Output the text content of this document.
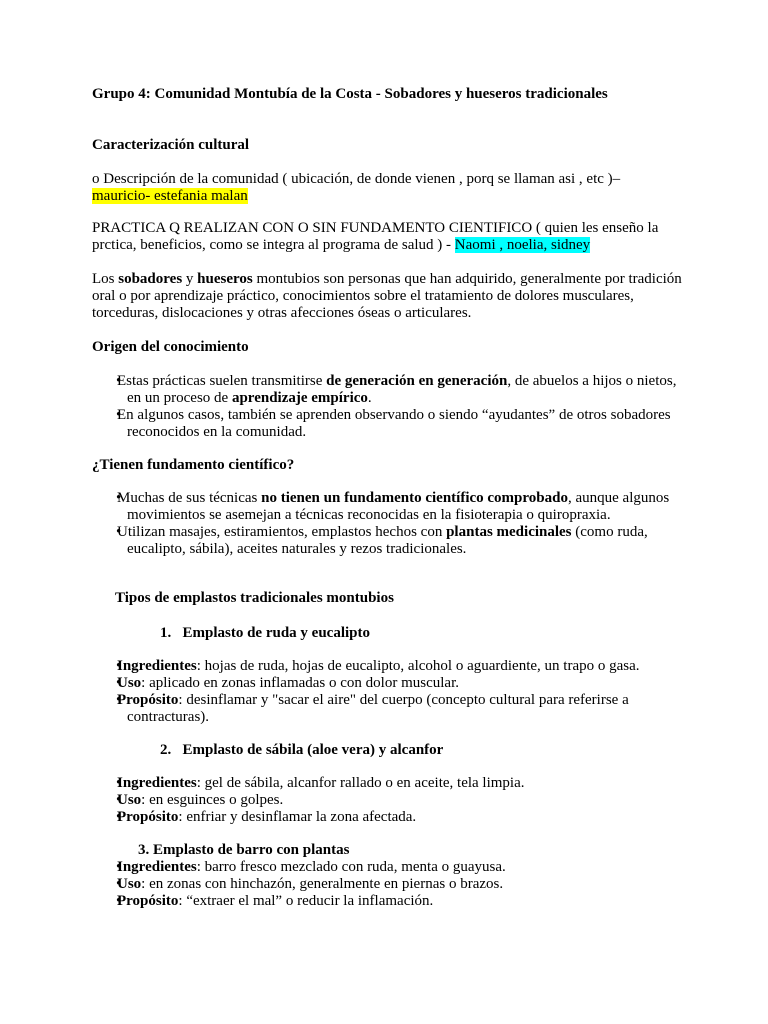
Grupo 4: Comunidad Montubía de la Costa - Sobadores y hueseros tradicionales

Caracterización cultural

o Descripción de la comunidad ( ubicación, de donde vienen , porq se llaman asi , etc )–
mauricio- estefania malan

PRACTICA Q REALIZAN CON O SIN FUNDAMENTO CIENTIFICO ( quien les enseño la prctica, beneficios, como se integra al programa de salud ) - Naomi , noelia, sidney

Los sobadores y hueseros montubios son personas que han adquirido, generalmente por tradición oral o por aprendizaje práctico, conocimientos sobre el tratamiento de dolores musculares, torceduras, dislocaciones y otras afecciones óseas o articulares.

Origen del conocimiento

• Estas prácticas suelen transmitirse de generación en generación, de abuelos a hijos o nietos, en un proceso de aprendizaje empírico.
• En algunos casos, también se aprenden observando o siendo “ayudantes” de otros sobadores reconocidos en la comunidad.

¿Tienen fundamento científico?

• Muchas de sus técnicas no tienen un fundamento científico comprobado, aunque algunos movimientos se asemejan a técnicas reconocidas en la fisioterapia o quiropraxia.
• Utilizan masajes, estiramientos, emplastos hechos con plantas medicinales (como ruda, eucalipto, sábila), aceites naturales y rezos tradicionales.

Tipos de emplastos tradicionales montubios

1. Emplasto de ruda y eucalipto
• Ingredientes: hojas de ruda, hojas de eucalipto, alcohol o aguardiente, un trapo o gasa.
• Uso: aplicado en zonas inflamadas o con dolor muscular.
• Propósito: desinflamar y "sacar el aire" del cuerpo (concepto cultural para referirse a contracturas).
2. Emplasto de sábila (aloe vera) y alcanfor
• Ingredientes: gel de sábila, alcanfor rallado o en aceite, tela limpia.
• Uso: en esguinces o golpes.
• Propósito: enfriar y desinflamar la zona afectada.
3. Emplasto de barro con plantas
• Ingredientes: barro fresco mezclado con ruda, menta o guayusa.
• Uso: en zonas con hinchazón, generalmente en piernas o brazos.
• Propósito: “extraer el mal” o reducir la inflamación.
